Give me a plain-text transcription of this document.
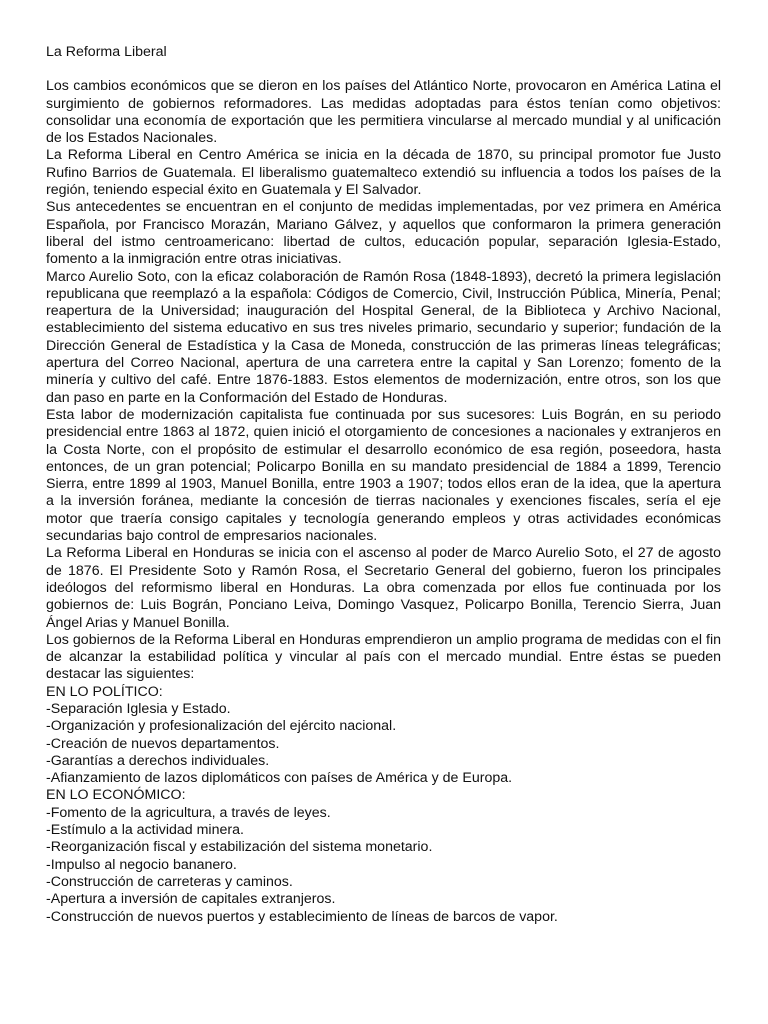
La Reforma Liberal

Los cambios económicos que se dieron en los países del Atlántico Norte, provocaron en América Latina el surgimiento de gobiernos reformadores. Las medidas adoptadas para éstos tenían como objetivos: consolidar una economía de exportación que les permitiera vincularse al mercado mundial y al unificación de los Estados Nacionales.

La Reforma Liberal en Centro América se inicia en la década de 1870, su principal promotor fue Justo Rufino Barrios de Guatemala. El liberalismo guatemalteco extendió su influencia a todos los países de la región, teniendo especial éxito en Guatemala y El Salvador.

Sus antecedentes se encuentran en el conjunto de medidas implementadas, por vez primera en América Española, por Francisco Morazán, Mariano Gálvez, y aquellos que conformaron la primera generación liberal del istmo centroamericano: libertad de cultos, educación popular, separación Iglesia-Estado, fomento a la inmigración entre otras iniciativas.

Marco Aurelio Soto, con la eficaz colaboración de Ramón Rosa (1848-1893), decretó la primera legislación republicana que reemplazó a la española: Códigos de Comercio, Civil, Instrucción Pública, Minería, Penal; reapertura de la Universidad; inauguración del Hospital General, de la Biblioteca y Archivo Nacional, establecimiento del sistema educativo en sus tres niveles primario, secundario y superior; fundación de la Dirección General de Estadística y la Casa de Moneda, construcción de las primeras líneas telegráficas; apertura del Correo Nacional, apertura de una carretera entre la capital y San Lorenzo; fomento de la minería y cultivo del café. Entre 1876-1883. Estos elementos de modernización, entre otros, son los que dan paso en parte en la Conformación del Estado de Honduras.

Esta labor de modernización capitalista fue continuada por sus sucesores: Luis Bográn, en su periodo presidencial entre 1863 al 1872, quien inició el otorgamiento de concesiones a nacionales y extranjeros en la Costa Norte, con el propósito de estimular el desarrollo económico de esa región, poseedora, hasta entonces, de un gran potencial; Policarpo Bonilla en su mandato presidencial de 1884 a 1899, Terencio Sierra, entre 1899 al 1903, Manuel Bonilla, entre 1903 a 1907; todos ellos eran de la idea, que la apertura a la inversión foránea, mediante la concesión de tierras nacionales y exenciones fiscales, sería el eje motor que traería consigo capitales y tecnología generando empleos y otras actividades económicas secundarias bajo control de empresarios nacionales.

La Reforma Liberal en Honduras se inicia con el ascenso al poder de Marco Aurelio Soto, el 27 de agosto de 1876. El Presidente Soto y Ramón Rosa, el Secretario General del gobierno, fueron los principales ideólogos del reformismo liberal en Honduras. La obra comenzada por ellos fue continuada por los gobiernos de: Luis Bográn, Ponciano Leiva, Domingo Vasquez, Policarpo Bonilla, Terencio Sierra, Juan Ángel Arias y Manuel Bonilla.

Los gobiernos de la Reforma Liberal en Honduras emprendieron un amplio programa de medidas con el fin de alcanzar la estabilidad política y vincular al país con el mercado mundial. Entre éstas se pueden destacar las siguientes:

EN LO POLÍTICO:
-Separación Iglesia y Estado.
-Organización y profesionalización del ejército nacional.
-Creación de nuevos departamentos.
-Garantías a derechos individuales.
-Afianzamiento de lazos diplomáticos con países de América y de Europa.
EN LO ECONÓMICO:
-Fomento de la agricultura, a través de leyes.
-Estímulo a la actividad minera.
-Reorganización fiscal y estabilización del sistema monetario.
-Impulso al negocio bananero.
-Construcción de carreteras y caminos.
-Apertura a inversión de capitales extranjeros.
-Construcción de nuevos puertos y establecimiento de líneas de barcos de vapor.
